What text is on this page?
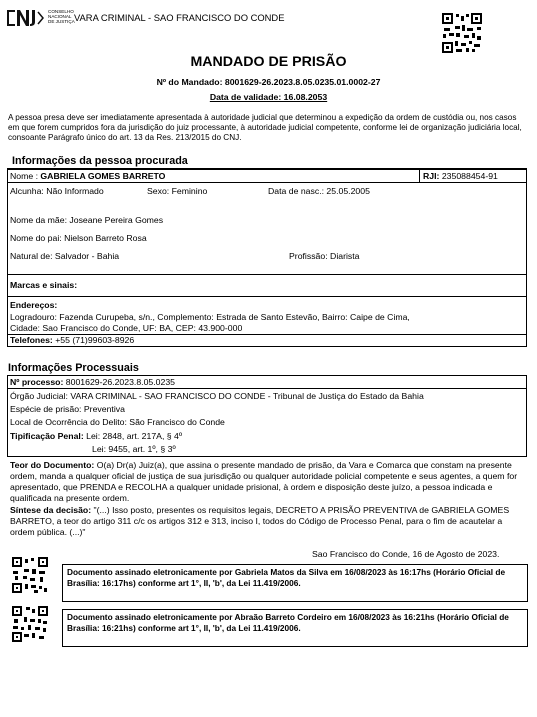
CONSELHO
NACIONAL
DE JUSTIÇA VARA CRIMINAL - SAO FRANCISCO DO CONDE
MANDADO DE PRISÃO
Nº do Mandado: 8001629-26.2023.8.05.0235.01.0002-27
Data de validade: 16.08.2053
A pessoa presa deve ser imediatamente apresentada à autoridade judicial que determinou a expedição da ordem de custódia ou, nos casos em que forem cumpridos fora da jurisdição do juiz processante, à autoridade judicial competente, conforme lei de organização judiciária local, consoante Parágrafo único do art. 13 da Res. 213/2015 do CNJ.
Informações da pessoa procurada
Nome : GABRIELA GOMES BARRETO	RJI: 235088454-91
Alcunha: Não Informado	Sexo: Feminino	Data de nasc.: 25.05.2005
Nome da mãe: Joseane Pereira Gomes
Nome do pai: Nielson Barreto Rosa
Natural de: Salvador - Bahia	Profissão: Diarista
Marcas e sinais:
Endereços:
Logradouro: Fazenda Curupeba, s/n., Complemento: Estrada de Santo Estevão, Bairro: Caipe de Cima,
Cidade: Sao Francisco do Conde, UF: BA, CEP: 43.900-000
Telefones: +55 (71)99603-8926
Informações Processuais
Nº processo: 8001629-26.2023.8.05.0235
Órgão Judicial: VARA CRIMINAL - SAO FRANCISCO DO CONDE - Tribunal de Justiça do Estado da Bahia
Espécie de prisão: Preventiva
Local de Ocorrência do Delito: São Francisco do Conde
Tipificação Penal: Lei: 2848, art. 217A, § 4º
Lei: 9455, art. 1º, § 3º
Teor do Documento: O(a) Dr(a) Juiz(a), que assina o presente mandado de prisão, da Vara e Comarca que constam na presente ordem, manda a qualquer oficial de justiça de sua jurisdição ou qualquer autoridade policial competente e seus agentes, a quem for apresentado, que PRENDA e RECOLHA a qualquer unidade prisional, à ordem e disposição deste juízo, a pessoa indicada e qualificada na presente ordem.
Síntese da decisão: "(...) Isso posto, presentes os requisitos legais, DECRETO A PRISÃO PREVENTIVA de GABRIELA GOMES BARRETO, a teor do artigo 311 c/c os artigos 312 e 313, inciso I, todos do Código de Processo Penal, para o fim de acautelar a ordem pública. (...)"
Sao Francisco do Conde, 16 de Agosto de 2023.
Documento assinado eletronicamente por Gabriela Matos da Silva em 16/08/2023 às 16:17hs (Horário Oficial de Brasília: 16:17hs) conforme art 1°, II, 'b', da Lei 11.419/2006.
Documento assinado eletronicamente por Abraão Barreto Cordeiro em 16/08/2023 às 16:21hs (Horário Oficial de Brasília: 16:21hs) conforme art 1°, II, 'b', da Lei 11.419/2006.
